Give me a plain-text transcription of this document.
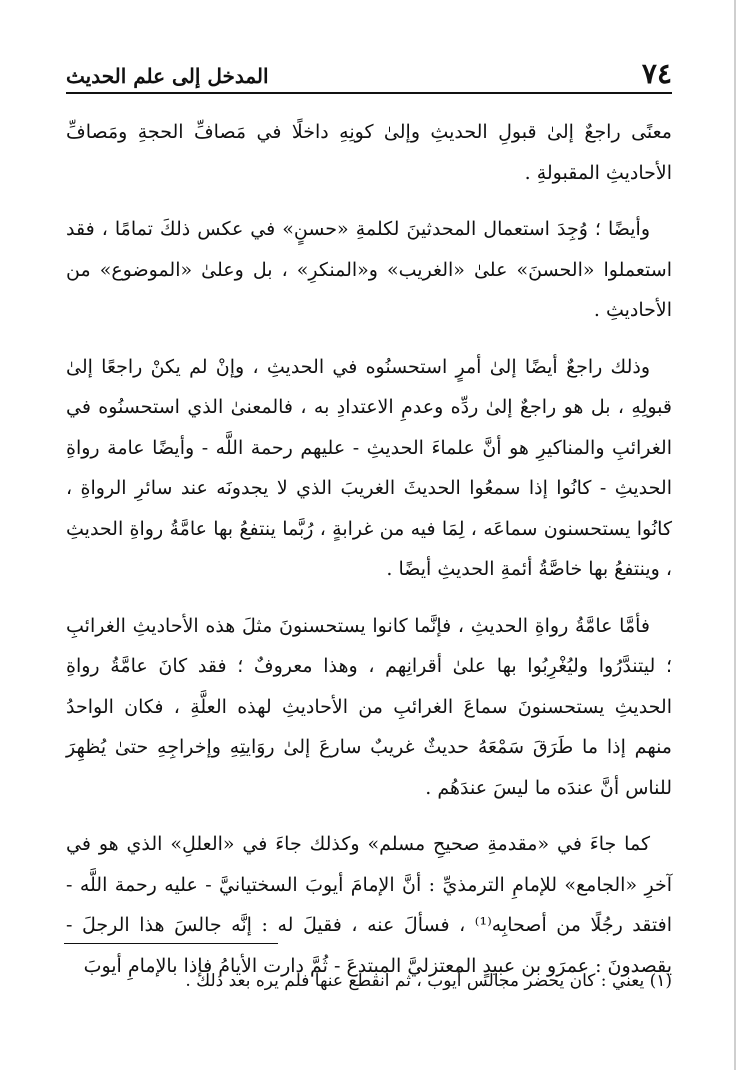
٧٤
المدخل إلى علم الحديث

معنًى راجعٌ إلىٰ قبولِ الحديثِ وإلىٰ كونِهِ داخلًا في مَصافِّ الحجةِ ومَصافِّ الأحاديثِ المقبولةِ .

وأيضًا ؛ وُجِدَ استعمال المحدثينَ لكلمةِ «حسنٍ» في عكس ذلكَ تمامًا ، فقد استعملوا «الحسنَ» علىٰ «الغريب» و«المنكرِ» ، بل وعلىٰ «الموضوع» من الأحاديثِ .

وذلك راجعٌ أيضًا إلىٰ أمرٍ استحسنُوه في الحديثِ ، وإنْ لم يكنْ راجعًا إلىٰ قبولِهِ ، بل هو راجعٌ إلىٰ ردِّه وعدمِ الاعتدادِ به ، فالمعنىٰ الذي استحسنُوه في الغرائبِ والمناكيرِ هو أنَّ علماءَ الحديثِ - عليهم رحمة اللَّه - وأيضًا عامة رواةِ الحديثِ - كانُوا إذا سمعُوا الحديثَ الغريبَ الذي لا يجدونَه عند سائرِ الرواةِ ، كانُوا يستحسنون سماعَه ، لِمَا فيه من غرابةٍ ، رُبَّما ينتفعُ بها عامَّةُ رواةِ الحديثِ ، وينتفعُ بها خاصَّةُ أئمةِ الحديثِ أيضًا .

فأمَّا عامَّةُ رواةِ الحديثِ ، فإنَّما كانوا يستحسنونَ مثلَ هذه الأحاديثِ الغرائبِ ؛ ليتندَّرُوا وليُغْرِبُوا بها علىٰ أقرانِهم ، وهذا معروفٌ ؛ فقد كانَ عامَّةُ رواةِ الحديثِ يستحسنونَ سماعَ الغرائبِ من الأحاديثِ لهذه العلَّةِ ، فكان الواحدُ منهم إذا ما طَرَقَ سَمْعَهُ حديثٌ غريبٌ سارعَ إلىٰ روَايتِهِ وإخراجِهِ حتىٰ يُظهِرَ للناس أنَّ عندَه ما ليسَ عندَهُم .

كما جاءَ في «مقدمةِ صحيحِ مسلم» وكذلك جاءَ في «العللِ» الذي هو في آخرِ «الجامع» للإمامِ الترمذيِّ : أنَّ الإمامَ أيوبَ السختيانيَّ - عليه رحمة اللَّه - افتقد رجُلًا من أصحابِه⁽¹⁾ ، فسألَ عنه ، فقيلَ له : إنَّه جالسَ هذا الرجلَ - يقصدونَ : عمرَو بن عبيدٍ المعتزليَّ المبتدعَ - ثُمَّ دارت الأيامُ فإذا بالإمامِ أيوبَ

(١) يعني : كان يحضر مجالس أيوب ، ثم انقطع عنها فلم يره بعد ذلك .
